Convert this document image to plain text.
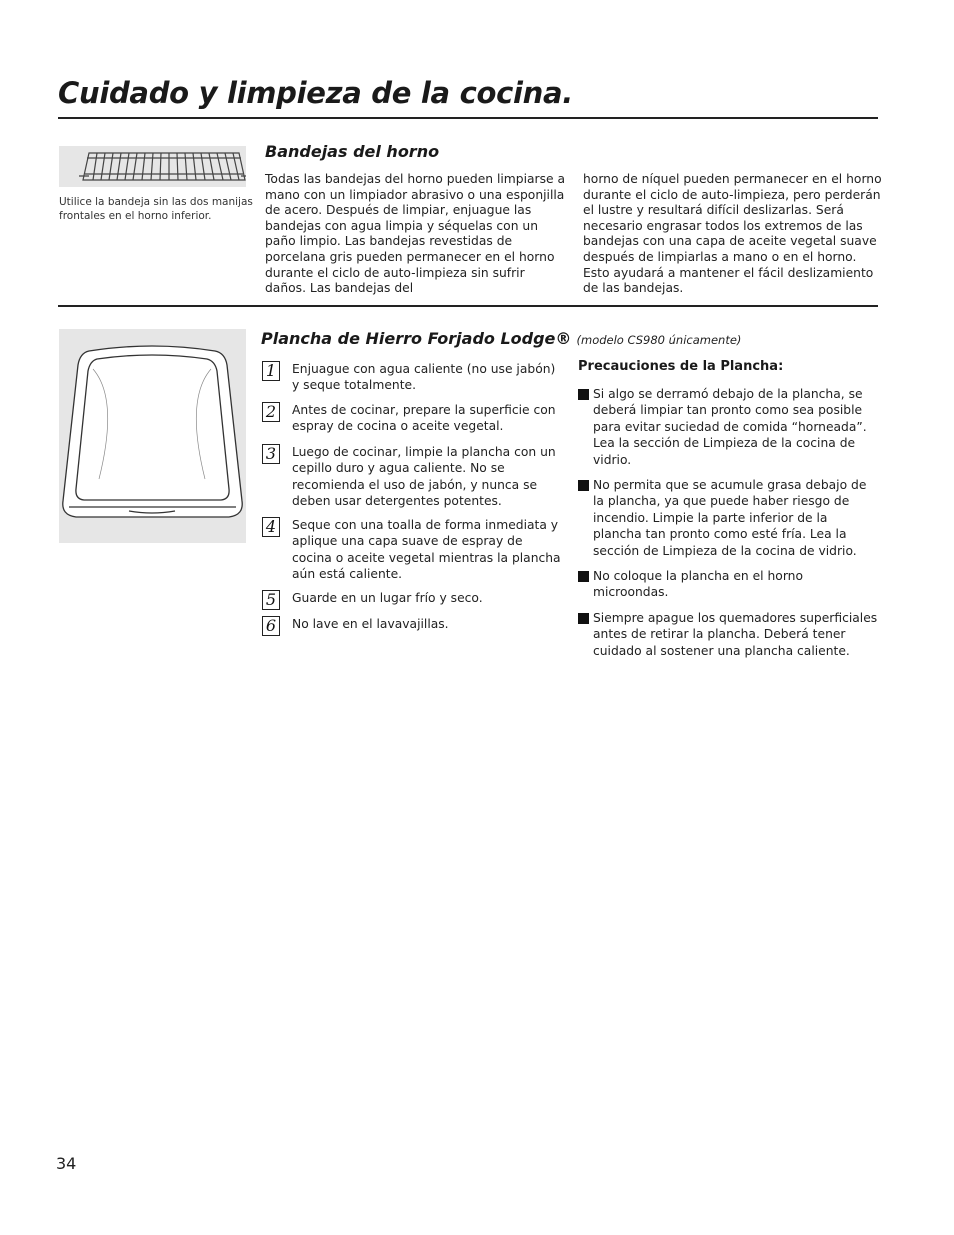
Cuidado y limpieza de la cocina.
Utilice la bandeja sin las dos manijas frontales en el horno inferior.
Bandejas del horno
Todas las bandejas del horno pueden limpiarse a mano con un limpiador abrasivo o una esponjilla de acero. Después de limpiar, enjuague las bandejas con agua limpia y séquelas con un paño limpio. Las bandejas revestidas de porcelana gris pueden permanecer en el horno durante el ciclo de auto-limpieza sin sufrir daños. Las bandejas del
horno de níquel pueden permanecer en el horno durante el ciclo de auto-limpieza, pero perderán el lustre y resultará difícil deslizarlas. Será necesario engrasar todos los extremos de las bandejas con una capa de aceite vegetal suave después de limpiarlas a mano o en el horno. Esto ayudará a mantener el fácil deslizamiento de las bandejas.
Plancha de Hierro Forjado Lodge® (modelo CS980 únicamente)
1	Enjuague con agua caliente (no use jabón) y seque totalmente.
2	Antes de cocinar, prepare la superficie con espray de cocina o aceite vegetal.
3	Luego de cocinar, limpie la plancha con un cepillo duro y agua caliente. No se recomienda el uso de jabón, y nunca se deben usar detergentes potentes.
4	Seque con una toalla de forma inmediata y aplique una capa suave de espray de cocina o aceite vegetal mientras la plancha aún está caliente.
5	Guarde en un lugar frío y seco.
6	No lave en el lavavajillas.
Precauciones de la Plancha:
Si algo se derramó debajo de la plancha, se deberá limpiar tan pronto como sea posible para evitar suciedad de comida “horneada”. Lea la sección de Limpieza de la cocina de vidrio.
No permita que se acumule grasa debajo de la plancha, ya que puede haber riesgo de incendio. Limpie la parte inferior de la plancha tan pronto como esté fría. Lea la sección de Limpieza de la cocina de vidrio.
No coloque la plancha en el horno microondas.
Siempre apague los quemadores superficiales antes de retirar la plancha. Deberá tener cuidado al sostener una plancha caliente.
34
